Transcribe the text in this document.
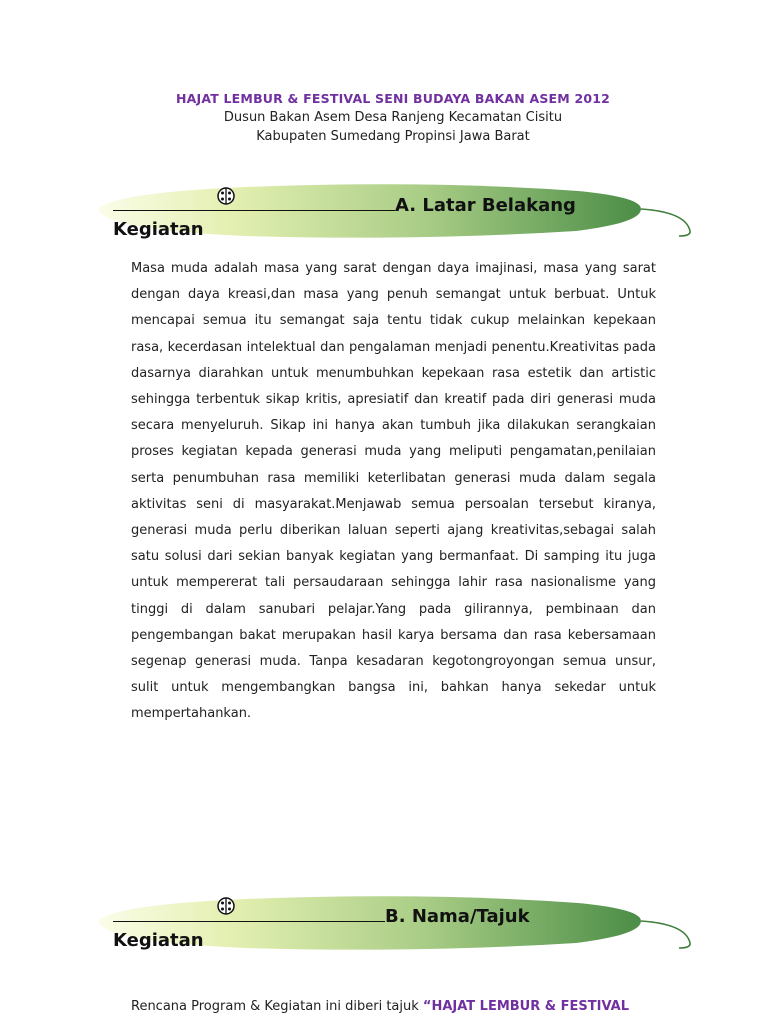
HAJAT LEMBUR & FESTIVAL SENI BUDAYA BAKAN ASEM 2012
Dusun Bakan Asem Desa Ranjeng Kecamatan Cisitu
Kabupaten Sumedang Propinsi Jawa Barat
A. Latar Belakang
Kegiatan

Masa muda adalah masa yang sarat dengan daya imajinasi, masa yang sarat dengan daya kreasi,dan masa yang penuh semangat untuk berbuat. Untuk mencapai semua itu semangat saja tentu tidak cukup melainkan kepekaan rasa, kecerdasan intelektual dan pengalaman menjadi penentu.Kreativitas pada dasarnya diarahkan untuk menumbuhkan kepekaan rasa estetik dan artistic sehingga terbentuk sikap kritis, apresiatif dan kreatif pada diri generasi muda secara menyeluruh. Sikap ini hanya akan tumbuh jika dilakukan serangkaian proses kegiatan kepada generasi muda yang meliputi pengamatan,penilaian serta penumbuhan rasa memiliki keterlibatan generasi muda dalam segala aktivitas seni di masyarakat.Menjawab semua persoalan tersebut kiranya, generasi muda perlu diberikan laluan seperti ajang kreativitas,sebagai salah satu solusi dari sekian banyak kegiatan yang bermanfaat. Di samping itu juga untuk mempererat tali persaudaraan sehingga lahir rasa nasionalisme yang tinggi di dalam sanubari pelajar.Yang pada gilirannya, pembinaan dan pengembangan bakat merupakan hasil karya bersama dan rasa kebersamaan segenap generasi muda. Tanpa kesadaran kegotongroyongan semua unsur, sulit untuk mengembangkan bangsa ini, bahkan hanya sekedar untuk mempertahankan.

B. Nama/Tajuk
Kegiatan

Rencana Program & Kegiatan ini diberi tajuk “HAJAT LEMBUR & FESTIVAL
